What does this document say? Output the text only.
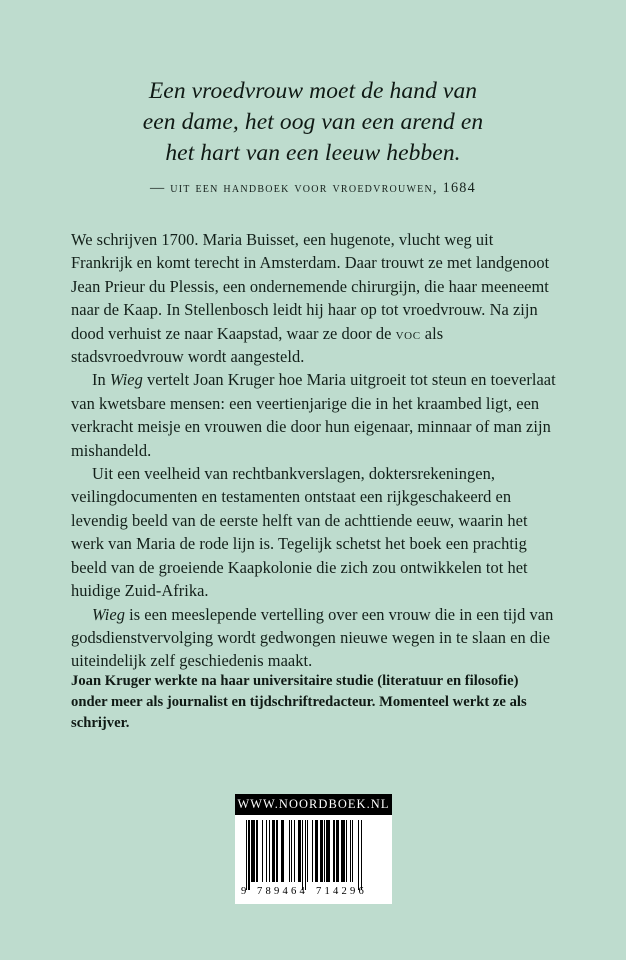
Een vroedvrouw moet de hand van
een dame, het oog van een arend en
het hart van een leeuw hebben.
— uit een handboek voor vroedvrouwen, 1684

We schrijven 1700. Maria Buisset, een hugenote, vlucht weg uit Frankrijk en komt terecht in Amsterdam. Daar trouwt ze met landgenoot Jean Prieur du Plessis, een ondernemende chirurgijn, die haar meeneemt naar de Kaap. In Stellenbosch leidt hij haar op tot vroedvrouw. Na zijn dood verhuist ze naar Kaapstad, waar ze door de voc als stadsvroedvrouw wordt aangesteld.

In Wieg vertelt Joan Kruger hoe Maria uitgroeit tot steun en toeverlaat van kwetsbare mensen: een veertienjarige die in het kraambed ligt, een verkracht meisje en vrouwen die door hun eigenaar, minnaar of man zijn mishandeld.

Uit een veelheid van rechtbankverslagen, doktersrekeningen, veilingdocumenten en testamenten ontstaat een rijkgeschakeerd en levendig beeld van de eerste helft van de achttiende eeuw, waarin het werk van Maria de rode lijn is. Tegelijk schetst het boek een prachtig beeld van de groeiende Kaapkolonie die zich zou ontwikkelen tot het huidige Zuid-Afrika.

Wieg is een meeslepende vertelling over een vrouw die in een tijd van godsdienstvervolging wordt gedwongen nieuwe wegen in te slaan en die uiteindelijk zelf geschiedenis maakt.

Joan Kruger werkte na haar universitaire studie (literatuur en filosofie) onder meer als journalist en tijdschriftredacteur. Momenteel werkt ze als schrijver.
WWW.NOORDBOEK.NL
9 789464 714296
